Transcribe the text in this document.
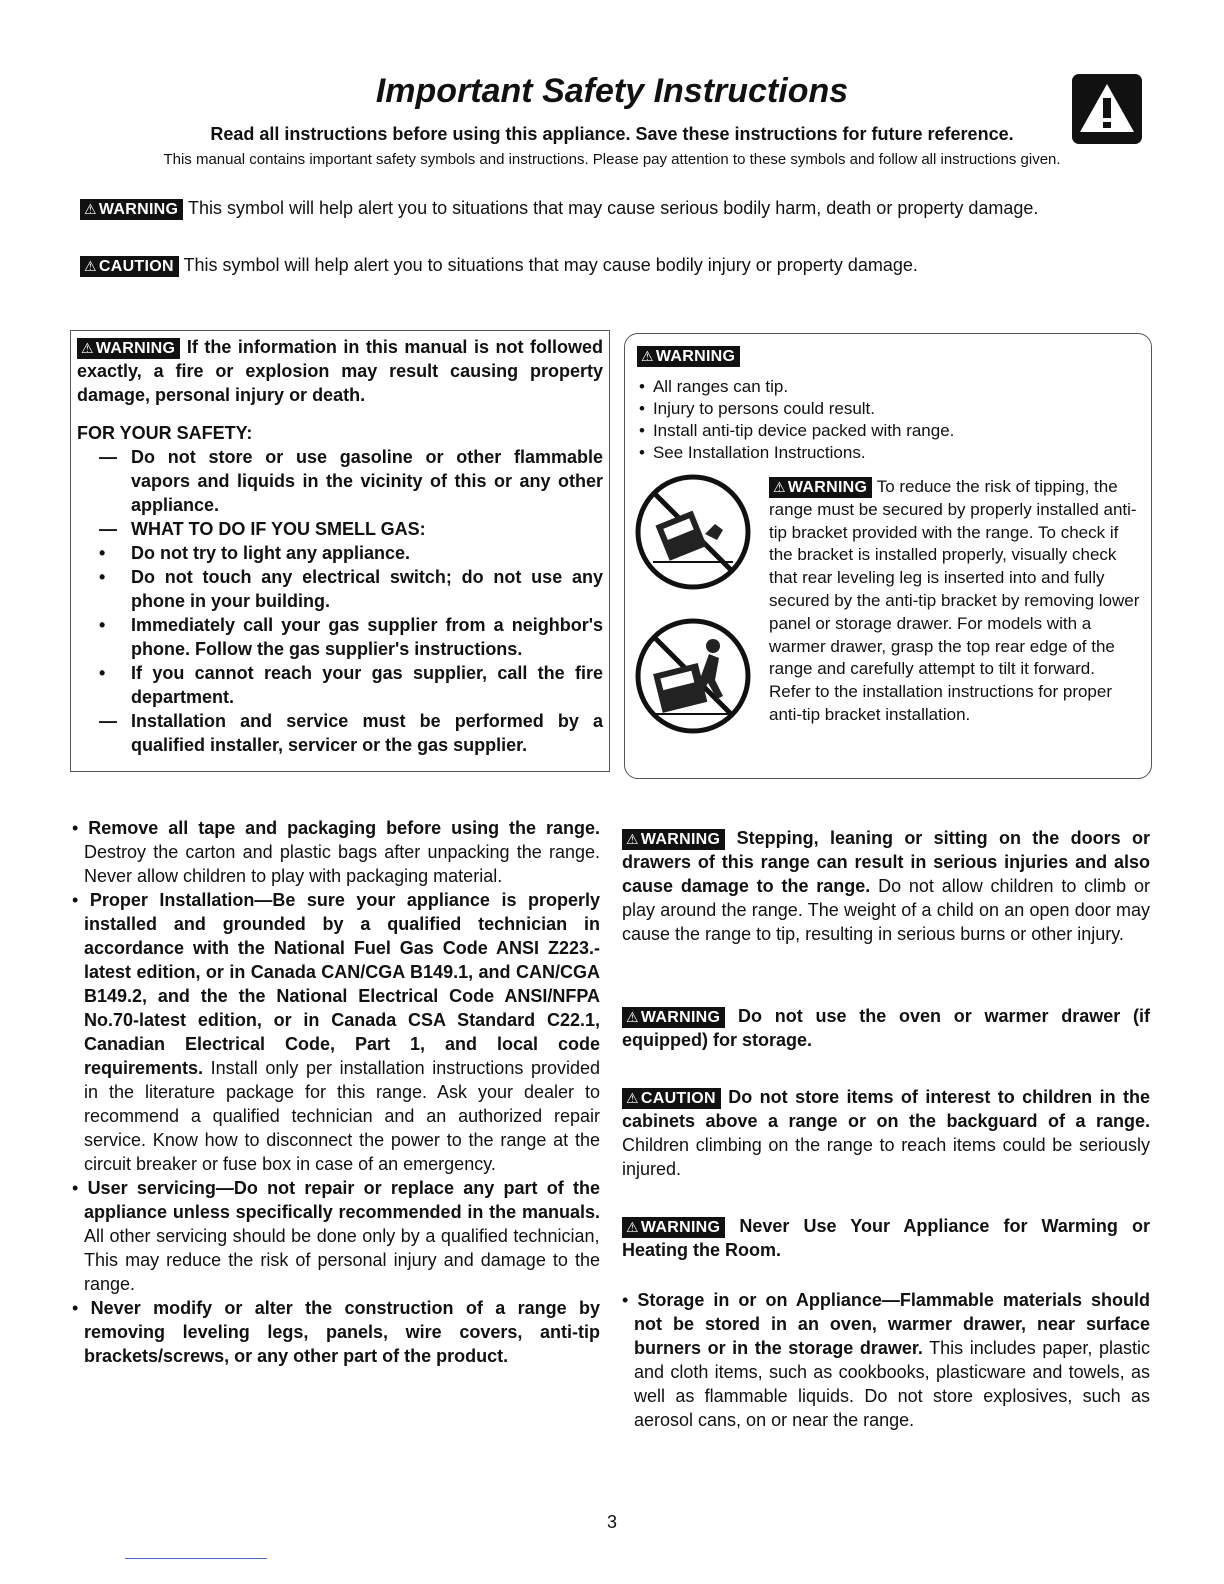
Important Safety Instructions
Read all instructions before using this appliance. Save these instructions for future reference.
This manual contains important safety symbols and instructions. Please pay attention to these symbols and follow all instructions given.
⚠ WARNING This symbol will help alert you to situations that may cause serious bodily harm, death or property damage.
⚠ CAUTION This symbol will help alert you to situations that may cause bodily injury or property damage.
⚠ WARNING If the information in this manual is not followed exactly, a fire or explosion may result causing property damage, personal injury or death.
FOR YOUR SAFETY:
— Do not store or use gasoline or other flammable vapors and liquids in the vicinity of this or any other appliance.
— WHAT TO DO IF YOU SMELL GAS:
• Do not try to light any appliance.
• Do not touch any electrical switch; do not use any phone in your building.
• Immediately call your gas supplier from a neighbor's phone. Follow the gas supplier's instructions.
• If you cannot reach your gas supplier, call the fire department.
— Installation and service must be performed by a qualified installer, servicer or the gas supplier.
⚠ WARNING
• All ranges can tip.
• Injury to persons could result.
• Install anti-tip device packed with range.
• See Installation Instructions.
⚠ WARNING To reduce the risk of tipping, the range must be secured by properly installed anti-tip bracket provided with the range. To check if the bracket is installed properly, visually check that rear leveling leg is inserted into and fully secured by the anti-tip bracket by removing lower panel or storage drawer. For models with a warmer drawer, grasp the top rear edge of the range and carefully attempt to tilt it forward. Refer to the installation instructions for proper anti-tip bracket installation.

• Remove all tape and packaging before using the range. Destroy the carton and plastic bags after unpacking the range. Never allow children to play with packaging material.

• Proper Installation—Be sure your appliance is properly installed and grounded by a qualified technician in accordance with the National Fuel Gas Code ANSI Z223.- latest edition, or in Canada CAN/CGA B149.1, and CAN/CGA B149.2, and the the National Electrical Code ANSI/NFPA No.70-latest edition, or in Canada CSA Standard C22.1, Canadian Electrical Code, Part 1, and local code requirements. Install only per installation instructions provided in the literature package for this range. Ask your dealer to recommend a qualified technician and an authorized repair service. Know how to disconnect the power to the range at the circuit breaker or fuse box in case of an emergency.

• User servicing—Do not repair or replace any part of the appliance unless specifically recommended in the manuals. All other servicing should be done only by a qualified technician, This may reduce the risk of personal injury and damage to the range.

• Never modify or alter the construction of a range by removing leveling legs, panels, wire covers, anti-tip brackets/screws, or any other part of the product.

⚠ WARNING Stepping, leaning or sitting on the doors or drawers of this range can result in serious injuries and also cause damage to the range. Do not allow children to climb or play around the range. The weight of a child on an open door may cause the range to tip, resulting in serious burns or other injury.

⚠ WARNING Do not use the oven or warmer drawer (if equipped) for storage.

⚠ CAUTION Do not store items of interest to children in the cabinets above a range or on the backguard of a range. Children climbing on the range to reach items could be seriously injured.

⚠ WARNING Never Use Your Appliance for Warming or Heating the Room.

• Storage in or on Appliance—Flammable materials should not be stored in an oven, warmer drawer, near surface burners or in the storage drawer. This includes paper, plastic and cloth items, such as cookbooks, plasticware and towels, as well as flammable liquids. Do not store explosives, such as aerosol cans, on or near the range.

3
